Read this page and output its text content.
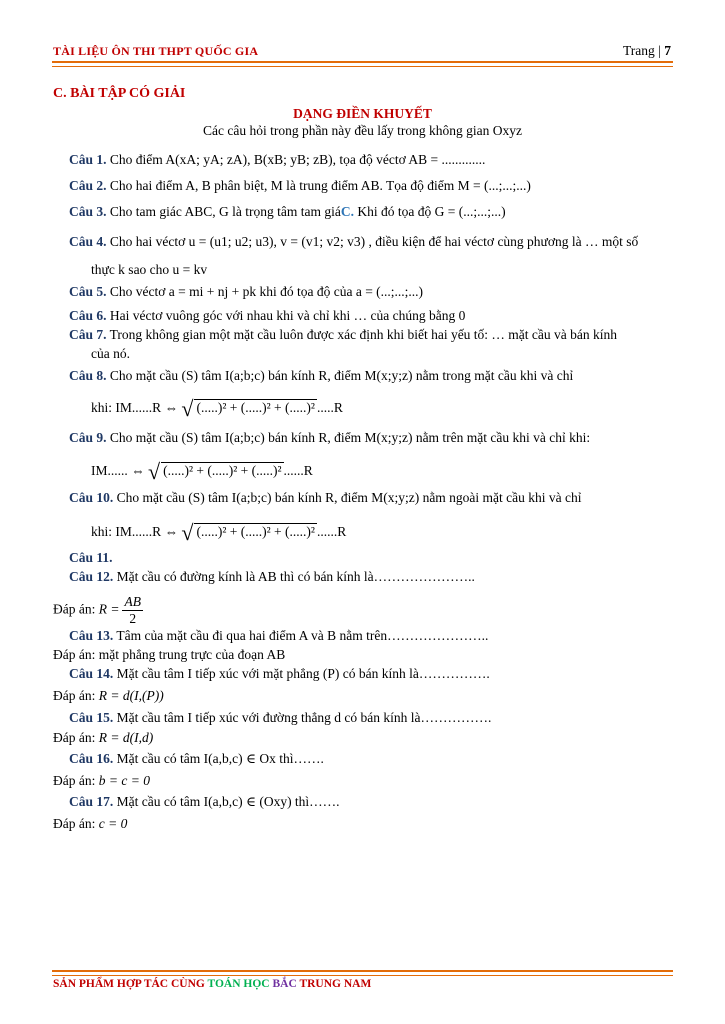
TÀI LIỆU ÔN THI THPT QUỐC GIA	Trang | 7
C. BÀI TẬP CÓ GIẢI
DẠNG ĐIỀN KHUYẾT
Các câu hỏi trong phần này đều lấy trong không gian Oxyz
Câu 1. Cho điểm A(xA; yA; zA), B(xB; yB; zB), tọa độ véctơ AB = .............
Câu 2. Cho hai điểm A, B phân biệt, M là trung điểm AB. Tọa độ điểm M = (...;...;...)
Câu 3. Cho tam giác ABC, G là trọng tâm tam giáC. Khi đó tọa độ G = (...;...;...)
Câu 4. Cho hai véctơ u = (u1; u2; u3), v = (v1; v2; v3) , điều kiện để hai véctơ cùng phương là … một số
thực k sao cho u = kv
Câu 5. Cho véctơ a = mi + nj + pk khi đó tọa độ của a = (...;...;...)
Câu 6. Hai véctơ vuông góc với nhau khi và chỉ khi … của chúng bằng 0
Câu 7. Trong không gian một mặt cầu luôn được xác định khi biết hai yếu tố: … mặt cầu và bán kính
của nó.
Câu 8. Cho mặt cầu (S) tâm I(a;b;c) bán kính R, điểm M(x;y;z) nằm trong mặt cầu khi và chỉ
khi: IM......R ⇔ √ (.....)² + (.....)² + (.....)² .....R
Câu 9. Cho mặt cầu (S) tâm I(a;b;c) bán kính R, điểm M(x;y;z) nằm trên mặt cầu khi và chỉ khi:
IM...... ⇔ √ (.....)² + (.....)² + (.....)² ......R
Câu 10. Cho mặt cầu (S) tâm I(a;b;c) bán kính R, điểm M(x;y;z) nằm ngoài mặt cầu khi và chỉ
khi: IM......R ⇔ √ (.....)² + (.....)² + (.....)² ......R
Câu 11.
Câu 12. Mặt cầu có đường kính là AB thì có bán kính là…………………..
Đáp án: $R = \frac{AB}{2}$
Câu 13. Tâm của mặt cầu đi qua hai điểm A và B nằm trên…………………..
Đáp án: mặt phẳng trung trực của đoạn AB
Câu 14. Mặt cầu tâm I tiếp xúc với mặt phẳng (P) có bán kính là…………….
Đáp án: R = d(I,(P))
Câu 15. Mặt cầu tâm I tiếp xúc với đường thẳng d có bán kính là…………….
Đáp án: R = d(I,d)
Câu 16. Mặt cầu có tâm I(a,b,c) ∈ Ox thì…….
Đáp án: b = c = 0
Câu 17. Mặt cầu có tâm I(a,b,c) ∈ (Oxy) thì…….
Đáp án: c = 0
SẢN PHẨM HỢP TÁC CÙNG TOÁN HỌC BẮC TRUNG NAM
